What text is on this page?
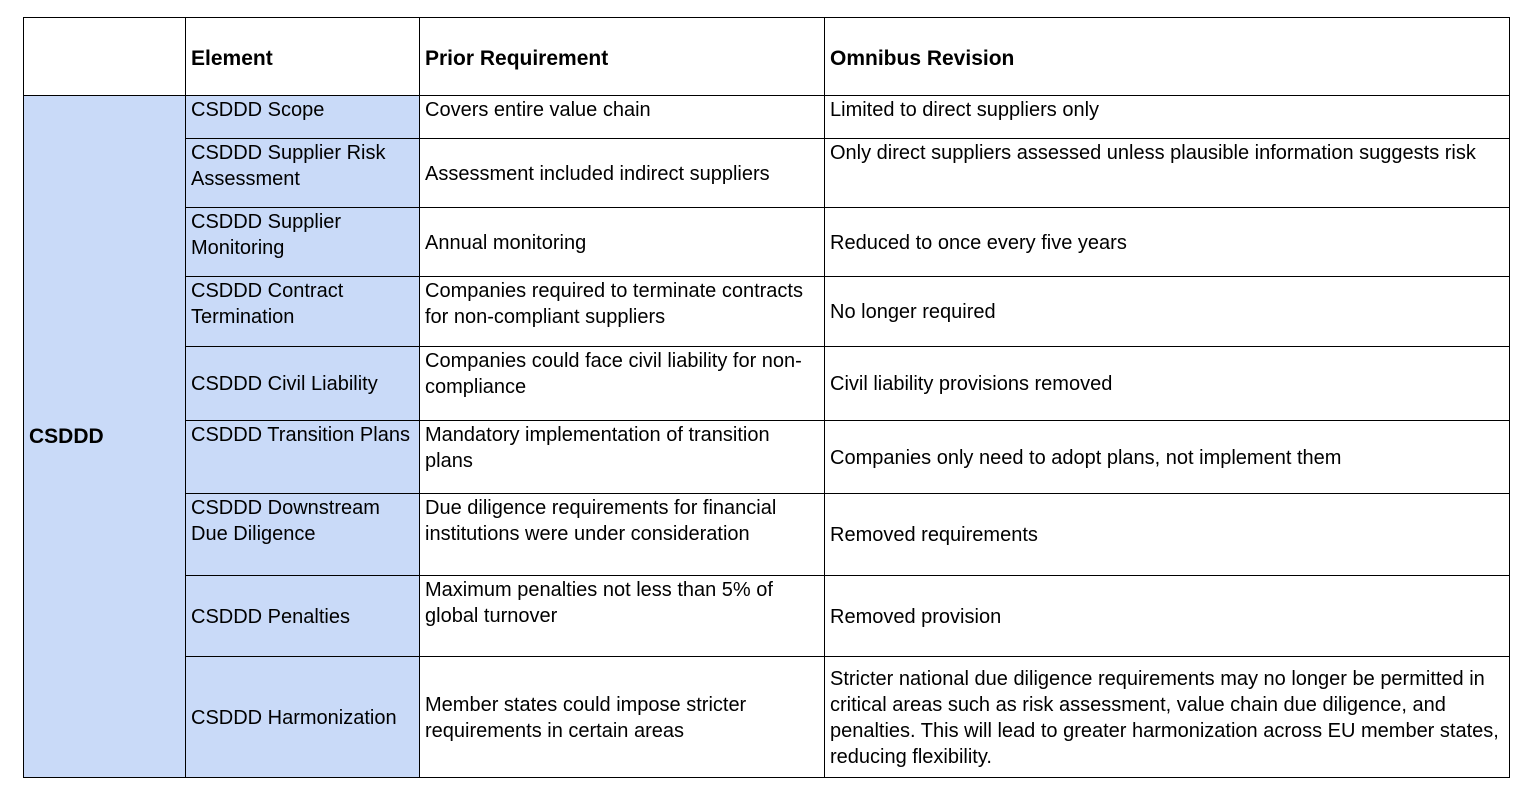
	Element	Prior Requirement	Omnibus Revision
CSDDD	CSDDD Scope	Covers entire value chain	Limited to direct suppliers only
	CSDDD Supplier Risk Assessment	Assessment included indirect suppliers	Only direct suppliers assessed unless plausible information suggests risk
	CSDDD Supplier Monitoring	Annual monitoring	Reduced to once every five years
	CSDDD Contract Termination	Companies required to terminate contracts for non-compliant suppliers	No longer required
	CSDDD Civil Liability	Companies could face civil liability for non-compliance	Civil liability provisions removed
	CSDDD Transition Plans	Mandatory implementation of transition plans	Companies only need to adopt plans, not implement them
	CSDDD Downstream Due Diligence	Due diligence requirements for financial institutions were under consideration	Removed requirements
	CSDDD Penalties	Maximum penalties not less than 5% of global turnover	Removed provision
	CSDDD Harmonization	Member states could impose stricter requirements in certain areas	Stricter national due diligence requirements may no longer be permitted in critical areas such as risk assessment, value chain due diligence, and penalties. This will lead to greater harmonization across EU member states, reducing flexibility.
